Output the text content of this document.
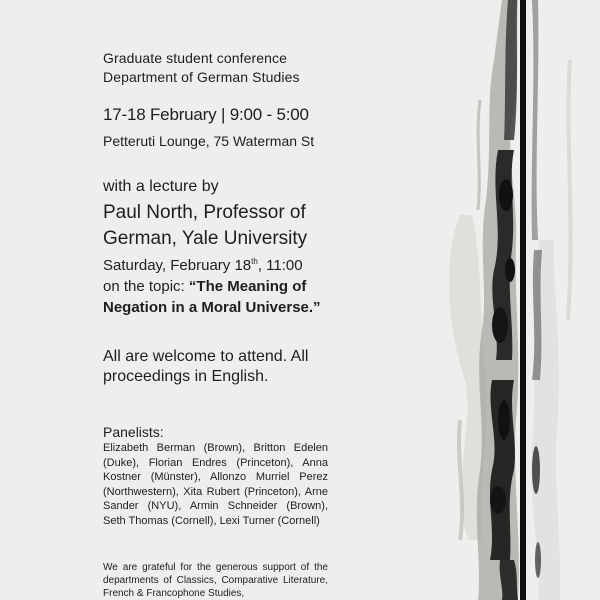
Graduate student conference
Department of German Studies
17-18 February | 9:00 - 5:00
Petteruti Lounge, 75 Waterman St
with a lecture by
Paul North, Professor of German, Yale University
Saturday, February 18th, 11:00
on the topic: “The Meaning of Negation in a Moral Universe.”
All are welcome to attend. All proceedings in English.
Panelists:
Elizabeth Berman (Brown), Britton Edelen (Duke), Florian Endres (Princeton), Anna Kostner (Münster), Allonzo Murriel Perez (Northwestern), Xita Rubert (Princeton), Arne Sander (NYU), Armin Schneider (Brown), Seth Thomas (Cornell), Lexi Turner (Cornell)
We are grateful for the generous support of the departments of Classics, Comparative Literature, French & Francophone Studies,
